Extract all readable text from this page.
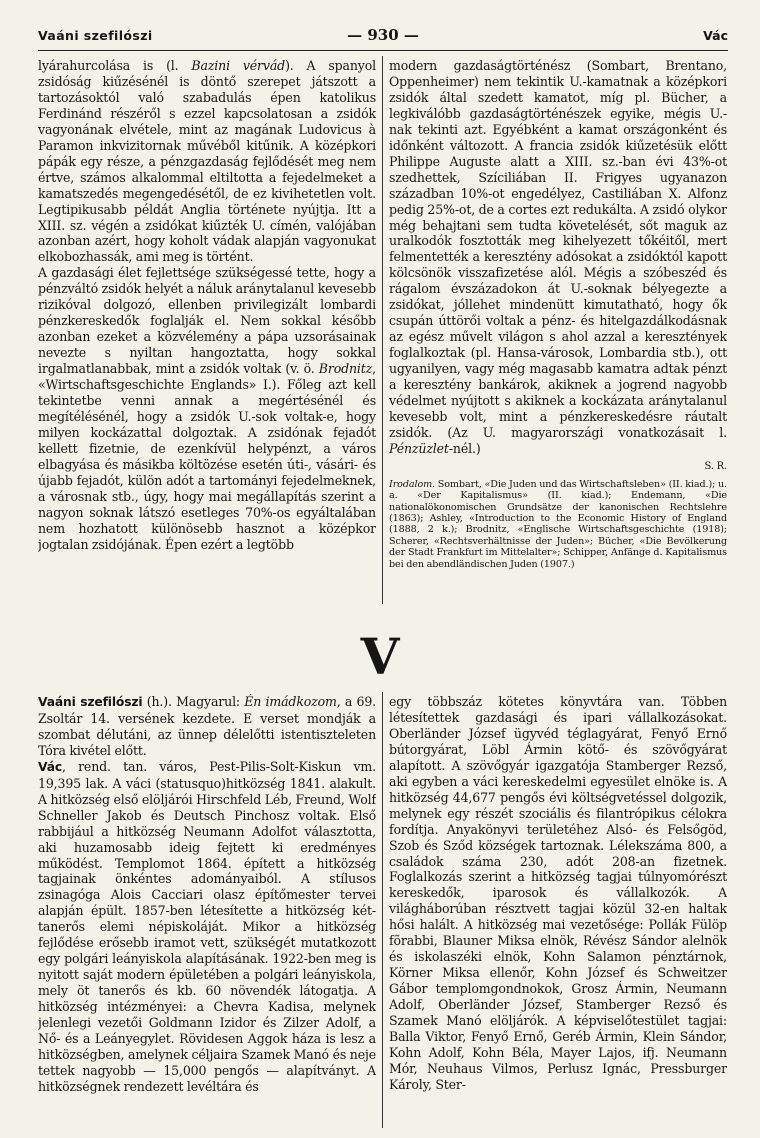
Vaáni szefilószi	— 930 —	Vác

lyárahurcolása is (l. Bazini vérvád). A spanyol zsidóság kiűzésénél is döntő szerepet játszott a tartozásoktól való szabadulás épen katolikus Ferdinánd részéről s ezzel kapcsolatosan a zsidók vagyonának elvétele, mint az magának Ludovicus à Paramon inkvizitornak művéből kitűnik. A középkori pápák egy része, a pénzgazdaság fejlődését meg nem értve, számos alkalommal eltiltotta a fejedelmeket a kamatszedés megengedésétől, de ez kivihetetlen volt. Legtipikusabb példát Anglia története nyújtja. Itt a XIII. sz. végén a zsidókat kiűzték U. címén, valójában azonban azért, hogy koholt vádak alapján vagyonukat elkobozhassák, ami meg is történt.

A gazdasági élet fejlettsége szükségessé tette, hogy a pénzváltó zsidók helyét a náluk aránytalanul kevesebb rizikóval dolgozó, ellenben privilegizált lombardi pénzkereskedők foglalják el. Nem sokkal később azonban ezeket a közvélemény a pápa uzsorásainak nevezte s nyiltan hangoztatta, hogy sokkal irgalmatlanabbak, mint a zsidók voltak (v. ö. Brodnitz, «Wirtschaftsgeschichte Englands» I.). Főleg azt kell tekintetbe venni annak a megértésénél és megítélésénél, hogy a zsidók U.-sok voltak-e, hogy milyen kockázattal dolgoztak. A zsidónak fejadót kellett fizetnie, de ezenkívül helypénzt, a város elbagyása és másikba költözése esetén úti-, vásári- és újabb fejadót, külön adót a tartományi fejedelmeknek, a városnak stb., úgy, hogy mai megállapítás szerint a nagyon soknak látszó esetleges 70%-os egyáltalában nem hozhatott különösebb hasznot a középkor jogtalan zsidójának. Épen ezért a legtöbb

modern gazdaságtörténész (Sombart, Brentano, Oppenheimer) nem tekintik U.-kamatnak a középkori zsidók által szedett kamatot, míg pl. Bücher, a legkiválóbb gazdaságtörténészek egyike, mégis U.-nak tekinti azt. Egyébként a kamat országonként és időnként változott. A francia zsidók kiűzetésük előtt Philippe Auguste alatt a XIII. sz.-ban évi 43%-ot szedhettek, Szíciliában II. Frigyes ugyanazon században 10%-ot engedélyez, Castiliában X. Alfonz pedig 25%-ot, de a cortes ezt redukálta. A zsidó olykor még behajtani sem tudta követelését, sőt maguk az uralkodók fosztották meg kihelyezett tőkéitől, mert felmentették a keresztény adósokat a zsidóktól kapott kölcsönök visszafizetése alól. Mégis a szóbeszéd és rágalom évszázadokon át U.-soknak bélyegezte a zsidókat, jóllehet mindenütt kimutatható, hogy ők csupán úttörői voltak a pénz- és hitelgazdálkodásnak az egész művelt világon s ahol azzal a keresztények foglalkoztak (pl. Hansa-városok, Lombardia stb.), ott ugyanilyen, vagy még magasabb kamatra adtak pénzt a keresztény bankárok, akiknek a jogrend nagyobb védelmet nyújtott s akiknek a kockázata aránytalanul kevesebb volt, mint a pénzkereskedésre ráutalt zsidók. (Az U. magyarországi vonatkozásait l. Pénzüzlet-nél.)

S. R.

Irodalom. Sombart, «Die Juden und das Wirtschaftsleben» (II. kiad.); u. a. «Der Kapitalismus» (II. kiad.); Endemann, «Die nationalökonomischen Grundsätze der kanonischen Rechtslehre (1863); Ashley, «Introduction to the Economic History of England (1888, 2 k.); Brodnitz, «Englische Wirtschaftsgeschichte (1918); Scherer, «Rechtsverhältnisse der Juden»; Bücher, «Die Bevölkerung der Stadt Frankfurt im Mittelalter»; Schipper, Anfänge d. Kapitalismus bei den abendländischen Juden (1907.)

V

Vaáni szefilószi (h.). Magyarul: Én imádkozom, a 69. Zsoltár 14. versének kezdete. E verset mondják a szombat délutáni, az ünnep délelőtti istentiszteleten Tóra kivétel előtt.

Vác, rend. tan. város, Pest-Pilis-Solt-Kiskun vm. 19,395 lak. A váci (statusquo)hitközség 1841. alakult. A hitközség első elöljárói Hirschfeld Léb, Freund, Wolf Schneller Jakob és Deutsch Pinchosz voltak. Első rabbijául a hitközség Neumann Adolfot választotta, aki huzamosabb ideig fejtett ki eredményes működést. Templomot 1864. épített a hitközség tagjainak önkéntes adományaiból. A stílusos zsinagóga Alois Cacciari olasz építőmester tervei alapján épült. 1857-ben létesítette a hitközség két-tanerős elemi népiskoláját. Mikor a hitközség fejlődése erősebb iramot vett, szükségét mutatkozott egy polgári leányiskola alapításának. 1922-ben meg is nyitott saját modern épületében a polgári leányiskola, mely öt tanerős és kb. 60 növendék látogatja. A hitközség intézményei: a Chevra Kadisa, melynek jelenlegi vezetői Goldmann Izidor és Zilzer Adolf, a Nő- és a Leányegylet. Rövidesen Aggok háza is lesz a hitközségben, amelynek céljaira Szamek Manó és neje tettek nagyobb — 15,000 pengős — alapítványt. A hitközségnek rendezett levéltára és

egy többszáz kötetes könyvtára van. Többen létesítettek gazdasági és ipari vállalkozásokat. Oberländer József ügyvéd téglagyárat, Fenyő Ernő bútorgyárat, Löbl Ármin kötő- és szövőgyárat alapított. A szövőgyár igazgatója Stamberger Rezső, aki egyben a váci kereskedelmi egyesület elnöke is. A hitközség 44,677 pengős évi költségvetéssel dolgozik, melynek egy részét szociális és filantrópikus célokra fordítja. Anyakönyvi területéhez Alsó- és Felsőgöd, Szob és Sződ községek tartoznak. Lélekszáma 800, a családok száma 230, adót 208-an fizetnek. Foglalkozás szerint a hitközség tagjai túlnyomórészt kereskedők, iparosok és vállalkozók. A világháborúban résztvett tagjai közül 32-en haltak hősi halált. A hitközség mai vezetősége: Pollák Fülöp fõrabbi, Blauner Miksa elnök, Révész Sándor alelnök és iskolaszéki elnök, Kohn Salamon pénztárnok, Körner Miksa ellenőr, Kohn József és Schweitzer Gábor templomgondnokok, Grosz Ármin, Neumann Adolf, Oberländer József, Stamberger Rezső és Szamek Manó elöljárók. A képviselőtestület tagjai: Balla Viktor, Fenyő Ernő, Geréb Ármin, Klein Sándor, Kohn Adolf, Kohn Béla, Mayer Lajos, ifj. Neumann Mór, Neuhaus Vilmos, Perlusz Ignác, Pressburger Károly, Ster-
